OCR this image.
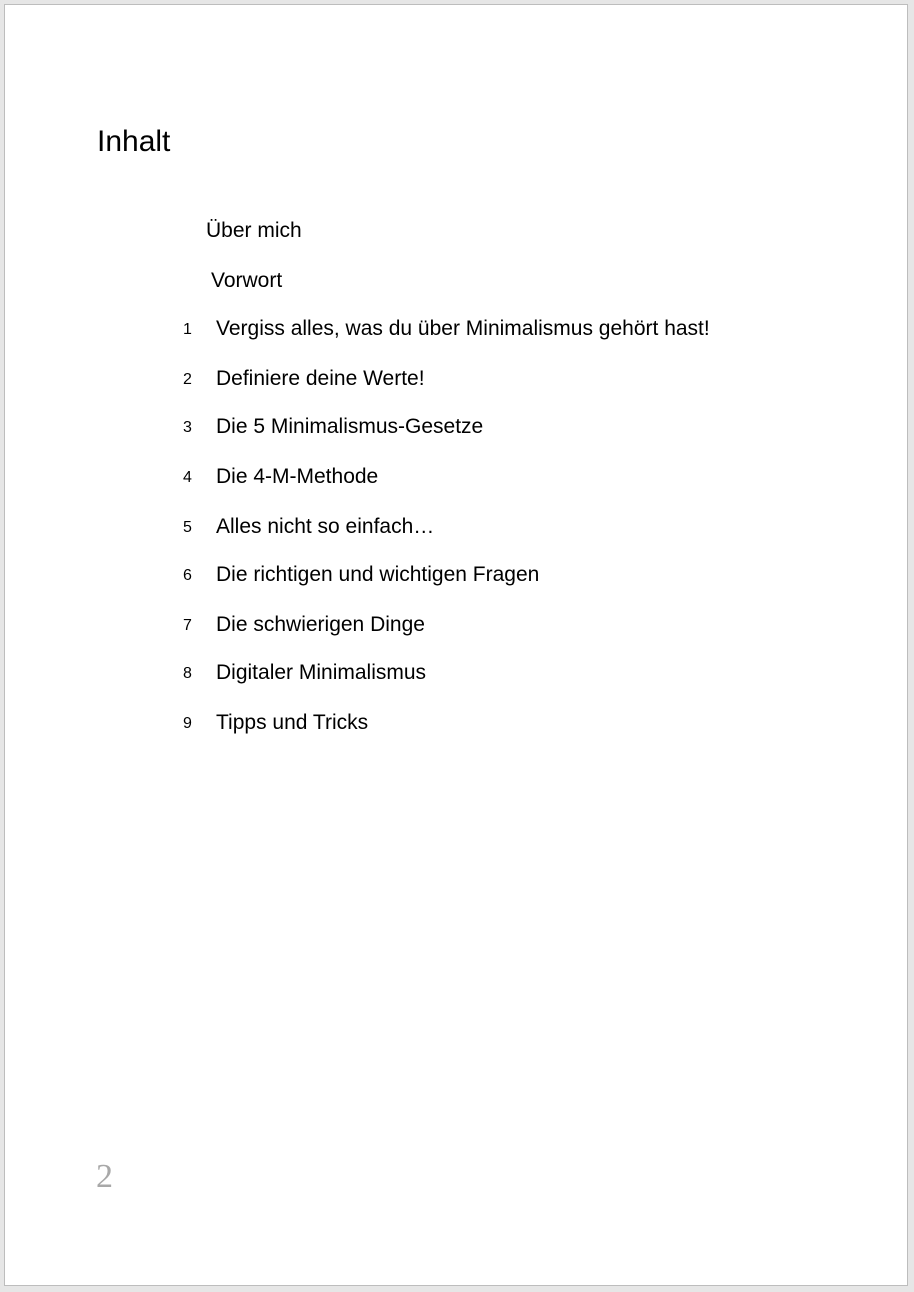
Inhalt
Über mich
Vorwort
1	Vergiss alles, was du über Minimalismus gehört hast!
2	Definiere deine Werte!
3	Die 5 Minimalismus-Gesetze
4	Die 4-M-Methode
5	Alles nicht so einfach…
6	Die richtigen und wichtigen Fragen
7	Die schwierigen Dinge
8	Digitaler Minimalismus
9	Tipps und Tricks
2
